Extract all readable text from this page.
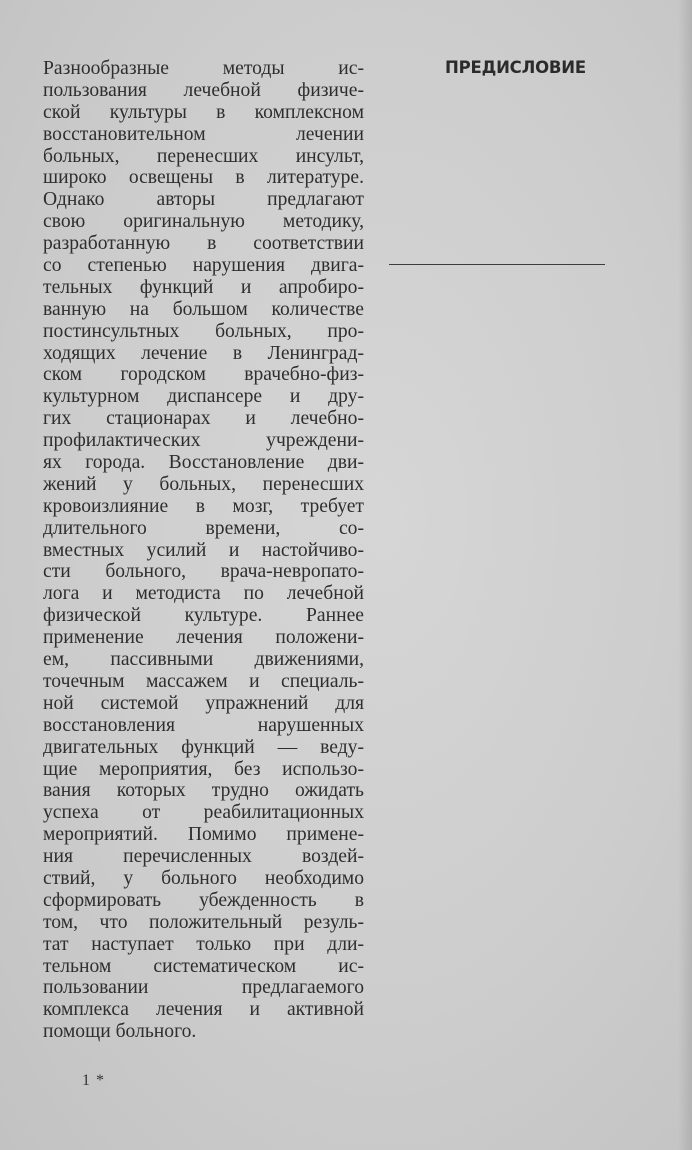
Разнообразные методы ис-
пользования лечебной физиче-
ской культуры в комплексном
восстановительном лечении
больных, перенесших инсульт,
широко освещены в литературе.
Однако авторы предлагают
свою оригинальную методику,
разработанную в соответствии
со степенью нарушения двига-
тельных функций и апробиро-
ванную на большом количестве
постинсультных больных, про-
ходящих лечение в Ленинград-
ском городском врачебно-физ-
культурном диспансере и дру-
гих стационарах и лечебно-
профилактических учреждени-
ях города. Восстановление дви-
жений у больных, перенесших
кровоизлияние в мозг, требует
длительного времени, со-
вместных усилий и настойчиво-
сти больного, врача-невропато-
лога и методиста по лечебной
физической культуре. Раннее
применение лечения положени-
ем, пассивными движениями,
точечным массажем и специаль-
ной системой упражнений для
восстановления нарушенных
двигательных функций — веду-
щие мероприятия, без использо-
вания которых трудно ожидать
успеха от реабилитационных
мероприятий. Помимо примене-
ния перечисленных воздей-
ствий, у больного необходимо
сформировать убежденность в
том, что положительный резуль-
тат наступает только при дли-
тельном систематическом ис-
пользовании предлагаемого
комплекса лечения и активной
помощи больного.
ПРЕДИСЛОВИЕ
1 *
